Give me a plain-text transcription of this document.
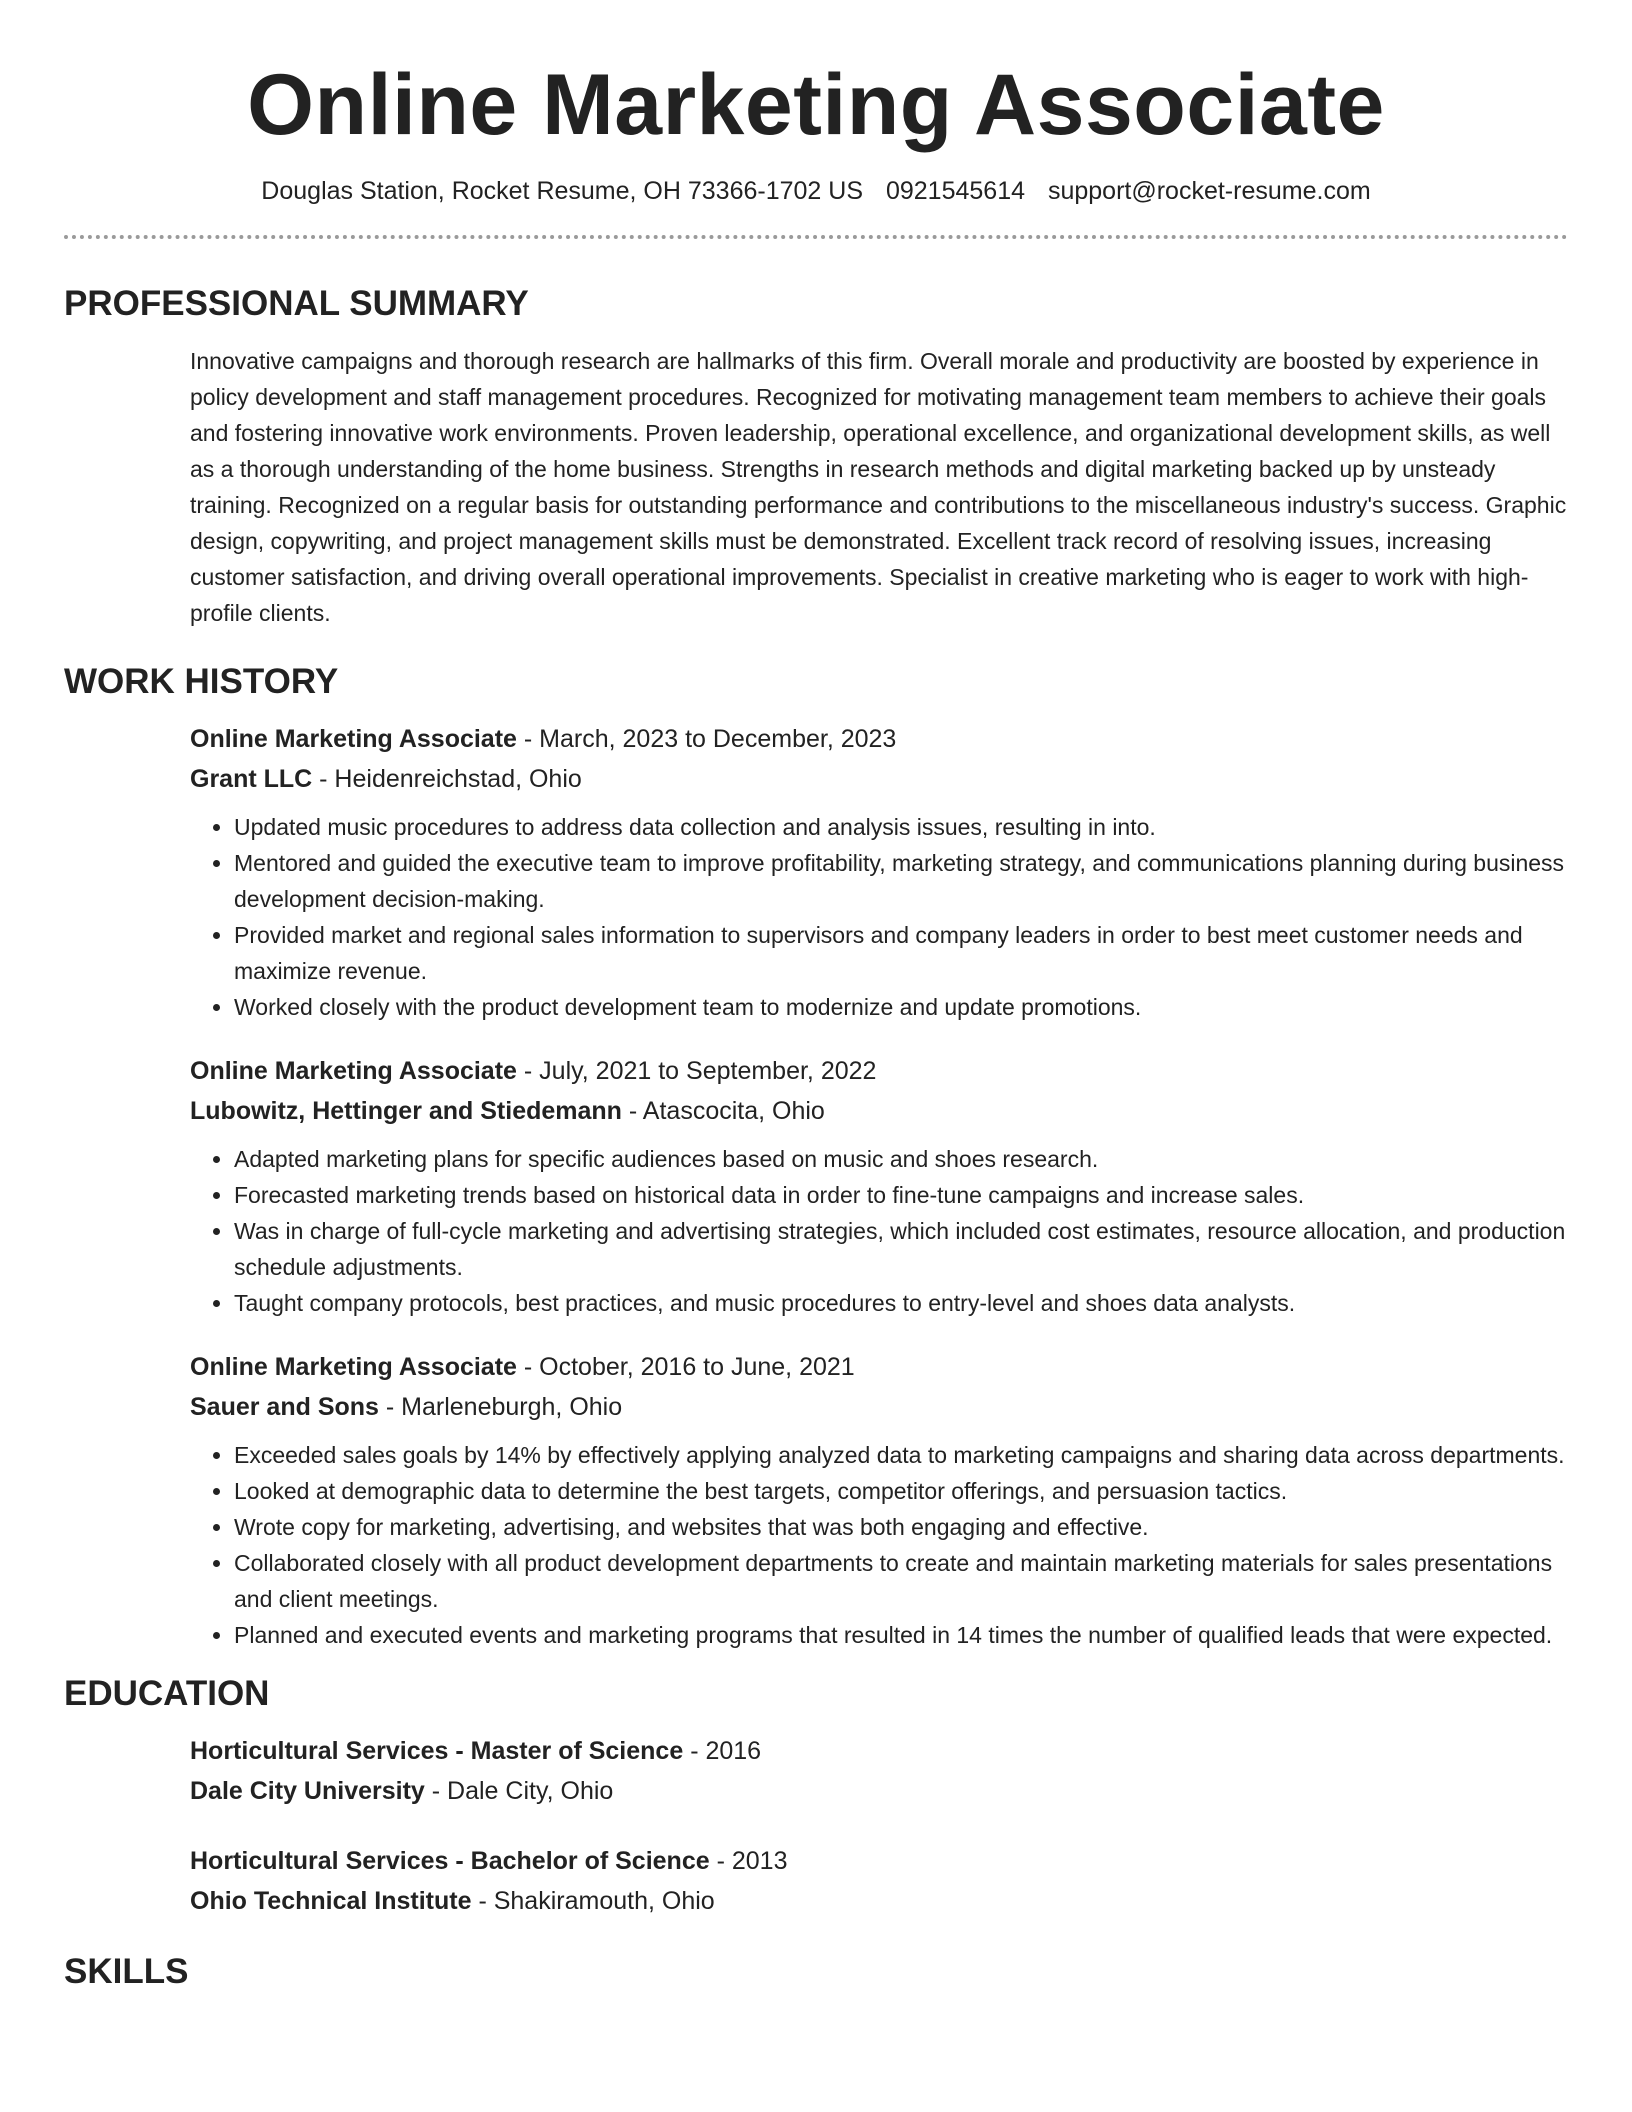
Online Marketing Associate
Douglas Station, Rocket Resume, OH 73366-1702 US 0921545614 support@rocket-resume.com
PROFESSIONAL SUMMARY

Innovative campaigns and thorough research are hallmarks of this firm. Overall morale and productivity are boosted by experience in policy development and staff management procedures. Recognized for motivating management team members to achieve their goals and fostering innovative work environments. Proven leadership, operational excellence, and organizational development skills, as well as a thorough understanding of the home business. Strengths in research methods and digital marketing backed up by unsteady training. Recognized on a regular basis for outstanding performance and contributions to the miscellaneous industry's success. Graphic design, copywriting, and project management skills must be demonstrated. Excellent track record of resolving issues, increasing customer satisfaction, and driving overall operational improvements. Specialist in creative marketing who is eager to work with high-profile clients.

WORK HISTORY
Online Marketing Associate - March, 2023 to December, 2023
Grant LLC - Heidenreichstad, Ohio
• Updated music procedures to address data collection and analysis issues, resulting in into.
• Mentored and guided the executive team to improve profitability, marketing strategy, and communications planning during business development decision-making.
• Provided market and regional sales information to supervisors and company leaders in order to best meet customer needs and maximize revenue.
• Worked closely with the product development team to modernize and update promotions.
Online Marketing Associate - July, 2021 to September, 2022
Lubowitz, Hettinger and Stiedemann - Atascocita, Ohio
• Adapted marketing plans for specific audiences based on music and shoes research.
• Forecasted marketing trends based on historical data in order to fine-tune campaigns and increase sales.
• Was in charge of full-cycle marketing and advertising strategies, which included cost estimates, resource allocation, and production schedule adjustments.
• Taught company protocols, best practices, and music procedures to entry-level and shoes data analysts.
Online Marketing Associate - October, 2016 to June, 2021
Sauer and Sons - Marleneburgh, Ohio
• Exceeded sales goals by 14% by effectively applying analyzed data to marketing campaigns and sharing data across departments.
• Looked at demographic data to determine the best targets, competitor offerings, and persuasion tactics.
• Wrote copy for marketing, advertising, and websites that was both engaging and effective.
• Collaborated closely with all product development departments to create and maintain marketing materials for sales presentations and client meetings.
• Planned and executed events and marketing programs that resulted in 14 times the number of qualified leads that were expected.
EDUCATION
Horticultural Services - Master of Science - 2016
Dale City University - Dale City, Ohio
Horticultural Services - Bachelor of Science - 2013
Ohio Technical Institute - Shakiramouth, Ohio
SKILLS
